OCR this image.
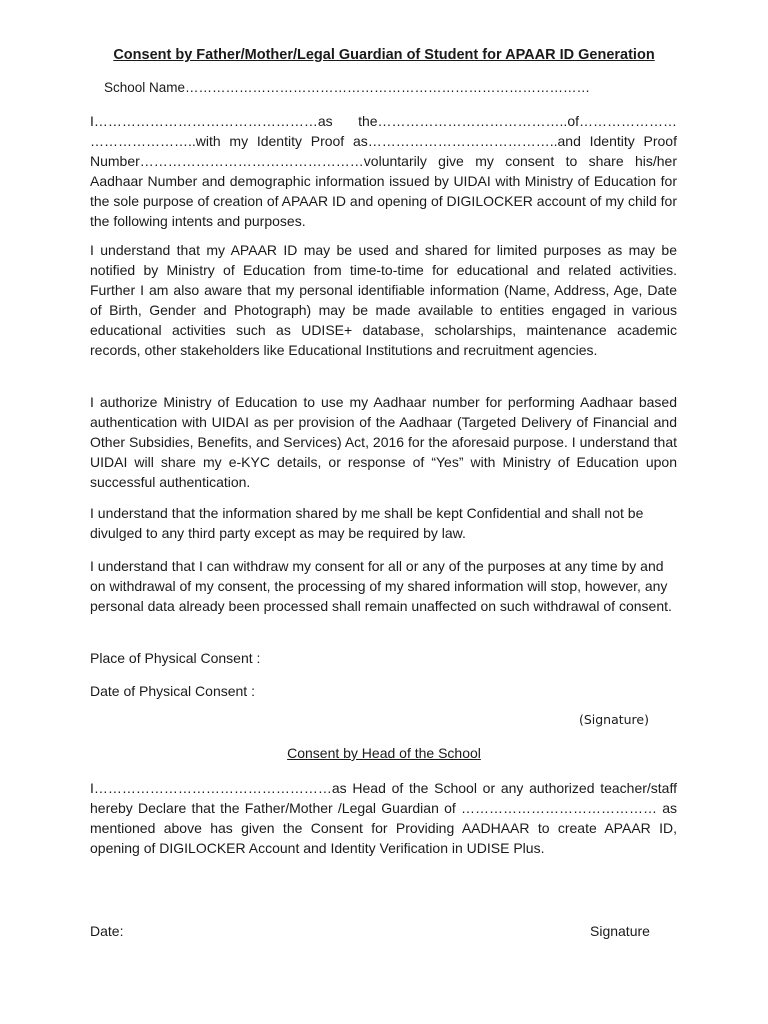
Consent by Father/Mother/Legal Guardian of Student for APAAR ID Generation
School Name………………………………………………………………………………

I…………………………………………as the…………………………………..of………………… …………………..with my Identity Proof as…………………………………..and Identity Proof Number…………………………………………voluntarily give my consent to share his/her Aadhaar Number and demographic information issued by UIDAI with Ministry of Education for the sole purpose of creation of APAAR ID and opening of DIGILOCKER account of my child for the following intents and purposes.

I understand that my APAAR ID may be used and shared for limited purposes as may be notified by Ministry of Education from time-to-time for educational and related activities. Further I am also aware that my personal identifiable information (Name, Address, Age, Date of Birth, Gender and Photograph) may be made available to entities engaged in various educational activities such as UDISE+ database, scholarships, maintenance academic records, other stakeholders like Educational Institutions and recruitment agencies.

I authorize Ministry of Education to use my Aadhaar number for performing Aadhaar based authentication with UIDAI as per provision of the Aadhaar (Targeted Delivery of Financial and Other Subsidies, Benefits, and Services) Act, 2016 for the aforesaid purpose. I understand that UIDAI will share my e-KYC details, or response of “Yes” with Ministry of Education upon successful authentication.

I understand that the information shared by me shall be kept Confidential and shall not be divulged to any third party except as may be required by law.

I understand that I can withdraw my consent for all or any of the purposes at any time by and on withdrawal of my consent, the processing of my shared information will stop, however, any personal data already been processed shall remain unaffected on such withdrawal of consent.

Place of Physical Consent :

Date of Physical Consent :

(Signature)
Consent by Head of the School

I……………………………………………as Head of the School or any authorized teacher/staff hereby Declare that the Father/Mother /Legal Guardian of …………………………………… as mentioned above has given the Consent for Providing AADHAAR to create APAAR ID, opening of DIGILOCKER Account and Identity Verification in UDISE Plus.

Date:	Signature
